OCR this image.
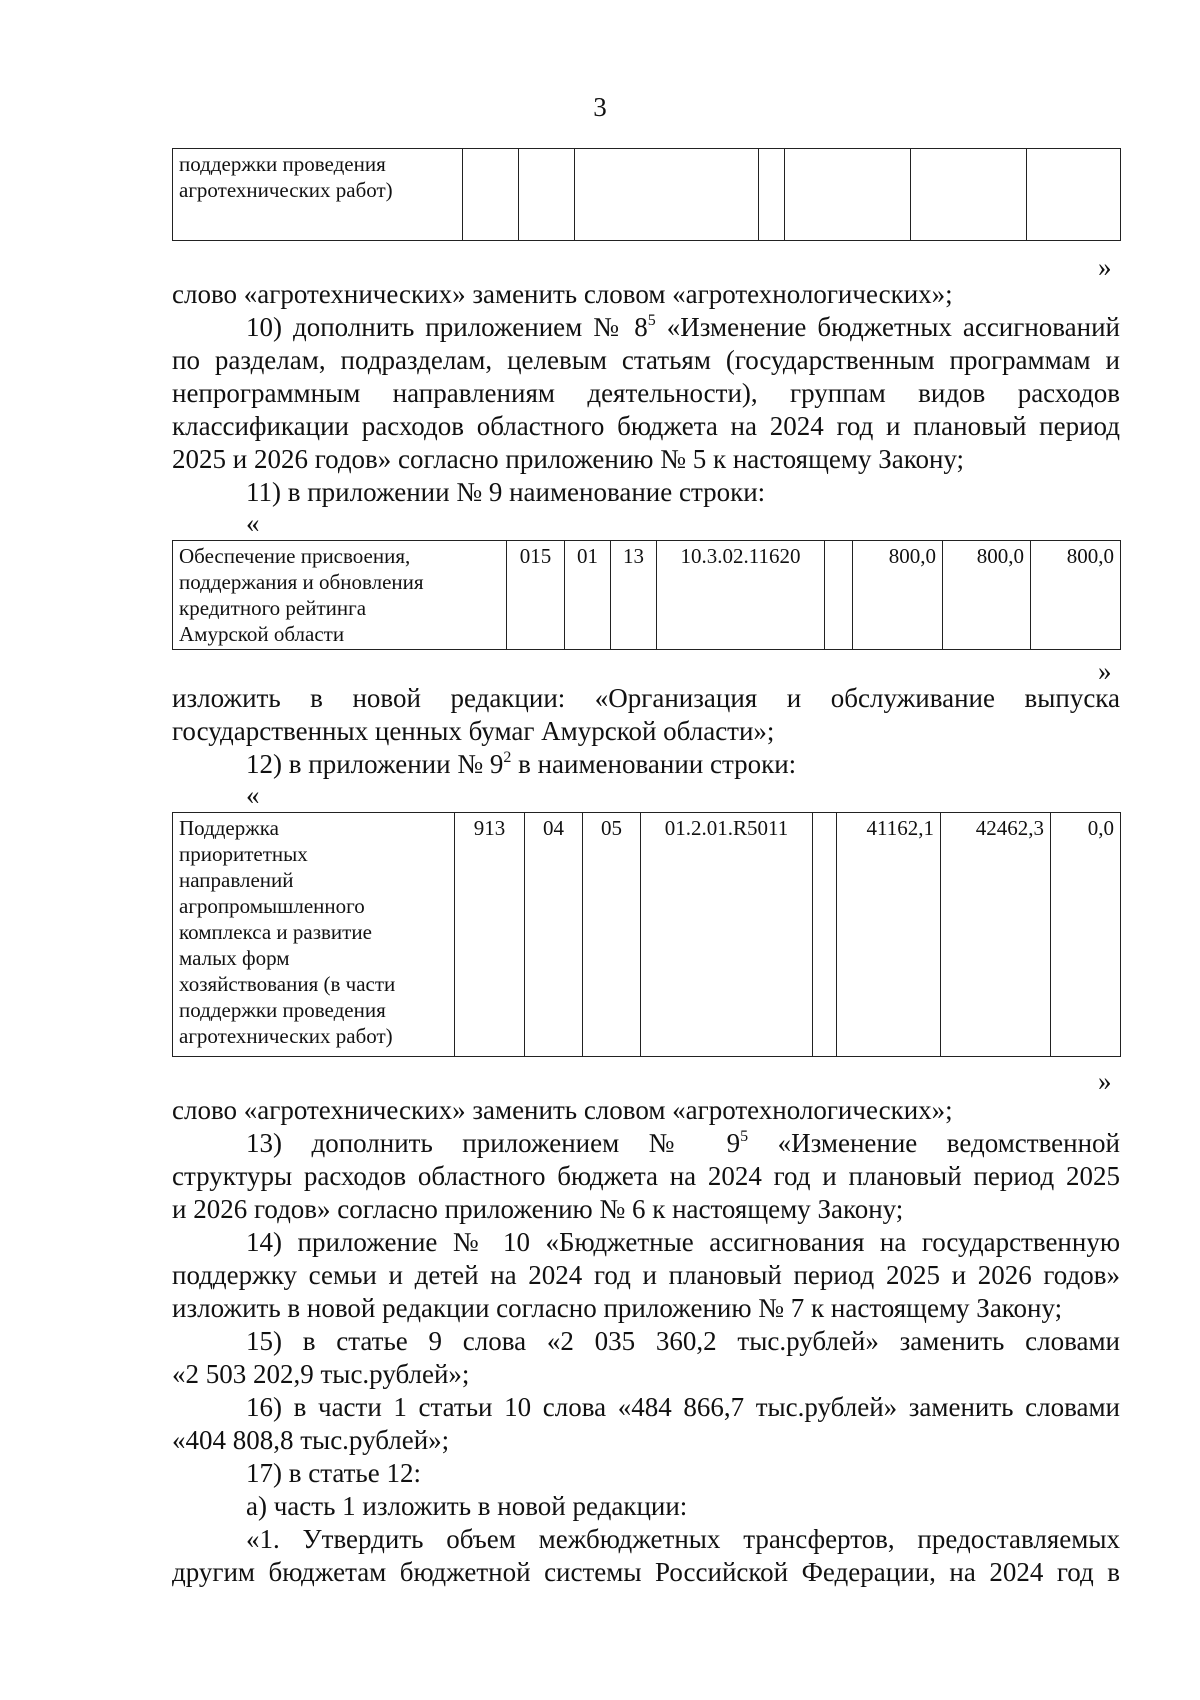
3
поддержки проведения
агротехнических работ)

»
слово «агротехнических» заменить словом «агротехнологических»;
10) дополнить приложением № $8^5$ «Изменение бюджетных ассигнований
по разделам, подразделам, целевым статьям (государственным программам и
непрограммным направлениям деятельности), группам видов расходов
классификации расходов областного бюджета на 2024 год и плановый период
2025 и 2026 годов» согласно приложению № 5 к настоящему Закону;
11) в приложении № 9 наименование строки:
«
Обеспечение присвоения,
поддержания и обновления
кредитного рейтинга
Амурской области
	015	01	13	10.3.02.11620		800,0	800,0	800,0
»
изложить в новой редакции: «Организация и обслуживание выпуска
государственных ценных бумаг Амурской области»;
12) в приложении № $9^2$ в наименовании строки:
«
Поддержка
приоритетных
направлений
агропромышленного
комплекса и развитие
малых форм
хозяйствования (в части
поддержки проведения
агротехнических работ)
	913	04	05	01.2.01.R5011		41162,1	42462,3	0,0
»
слово «агротехнических» заменить словом «агротехнологических»;
13) дополнить приложением № $9^5$ «Изменение ведомственной
структуры расходов областного бюджета на 2024 год и плановый период 2025
и 2026 годов» согласно приложению № 6 к настоящему Закону;
14) приложение № 10 «Бюджетные ассигнования на государственную
поддержку семьи и детей на 2024 год и плановый период 2025 и 2026 годов»
изложить в новой редакции согласно приложению № 7 к настоящему Закону;
15) в статье 9 слова «2 035 360,2 тыс.рублей» заменить словами
«2 503 202,9 тыс.рублей»;
16) в части 1 статьи 10 слова «484 866,7 тыс.рублей» заменить словами
«404 808,8 тыс.рублей»;
17) в статье 12:
а) часть 1 изложить в новой редакции:
«1. Утвердить объем межбюджетных трансфертов, предоставляемых
другим бюджетам бюджетной системы Российской Федерации, на 2024 год в
